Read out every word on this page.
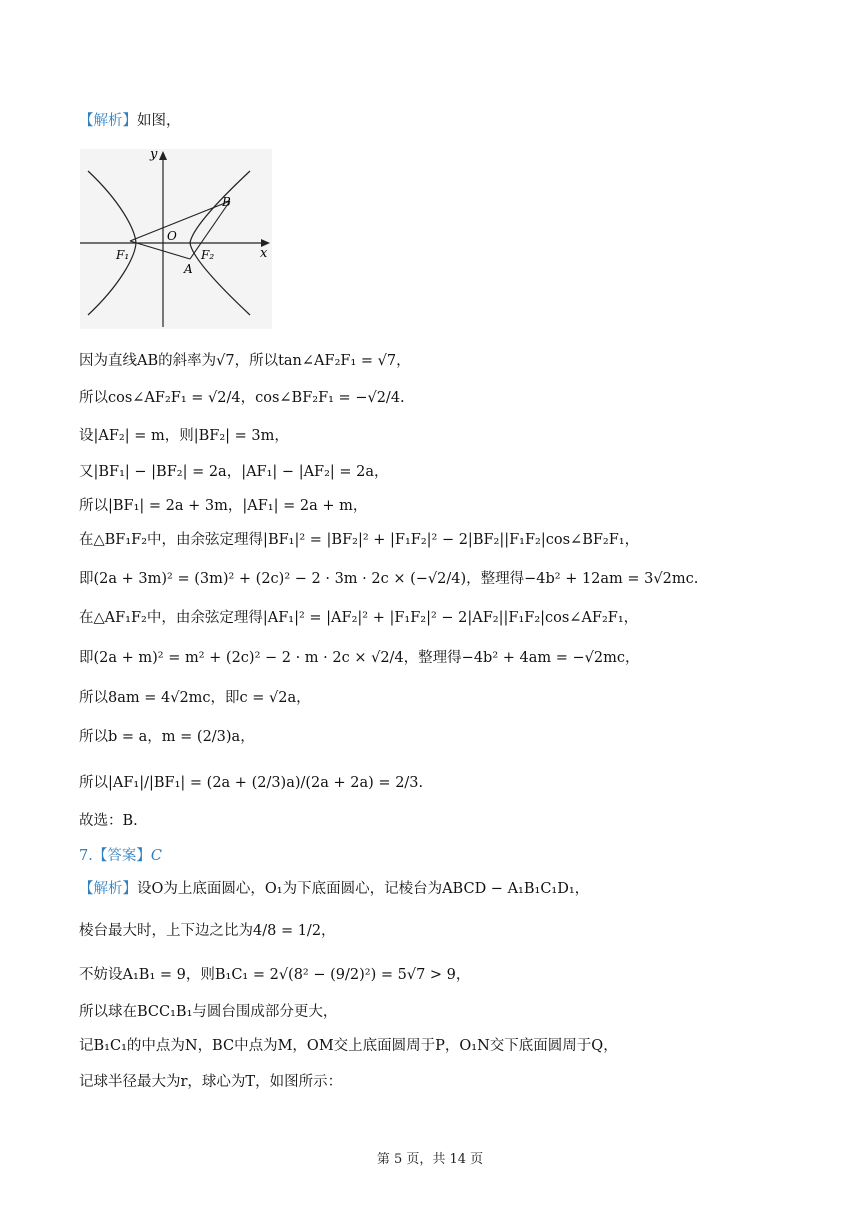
【解析】如图，
y
x
O
B
F₁	F₂
A
因为直线AB的斜率为√7，所以tan∠AF₂F₁ = √7，
所以cos∠AF₂F₁ = √2/4，cos∠BF₂F₁ = −√2/4.
设|AF₂| = m，则|BF₂| = 3m，
又|BF₁| − |BF₂| = 2a，|AF₁| − |AF₂| = 2a，
所以|BF₁| = 2a + 3m，|AF₁| = 2a + m，
在△BF₁F₂中，由余弦定理得|BF₁|² = |BF₂|² + |F₁F₂|² − 2|BF₂||F₁F₂|cos∠BF₂F₁，
即(2a + 3m)² = (3m)² + (2c)² − 2 · 3m · 2c × (−√2/4)，整理得−4b² + 12am = 3√2mc.
在△AF₁F₂中，由余弦定理得|AF₁|² = |AF₂|² + |F₁F₂|² − 2|AF₂||F₁F₂|cos∠AF₂F₁，
即(2a + m)² = m² + (2c)² − 2 · m · 2c × √2/4，整理得−4b² + 4am = −√2mc，
所以8am = 4√2mc，即c = √2a，
所以b = a，m = (2/3)a，
所以|AF₁|/|BF₁| = (2a + (2/3)a)/(2a + 2a) = 2/3.
故选：B.
7.【答案】C
【解析】设O为上底面圆心，O₁为下底面圆心，记棱台为ABCD − A₁B₁C₁D₁，
棱台最大时，上下边之比为4/8 = 1/2，
不妨设A₁B₁ = 9，则B₁C₁ = 2√(8² − (9/2)²) = 5√7 > 9，
所以球在BCC₁B₁与圆台围成部分更大，
记B₁C₁的中点为N，BC中点为M，OM交上底面圆周于P，O₁N交下底面圆周于Q，
记球半径最大为r，球心为T，如图所示：
第 5 页，共 14 页
